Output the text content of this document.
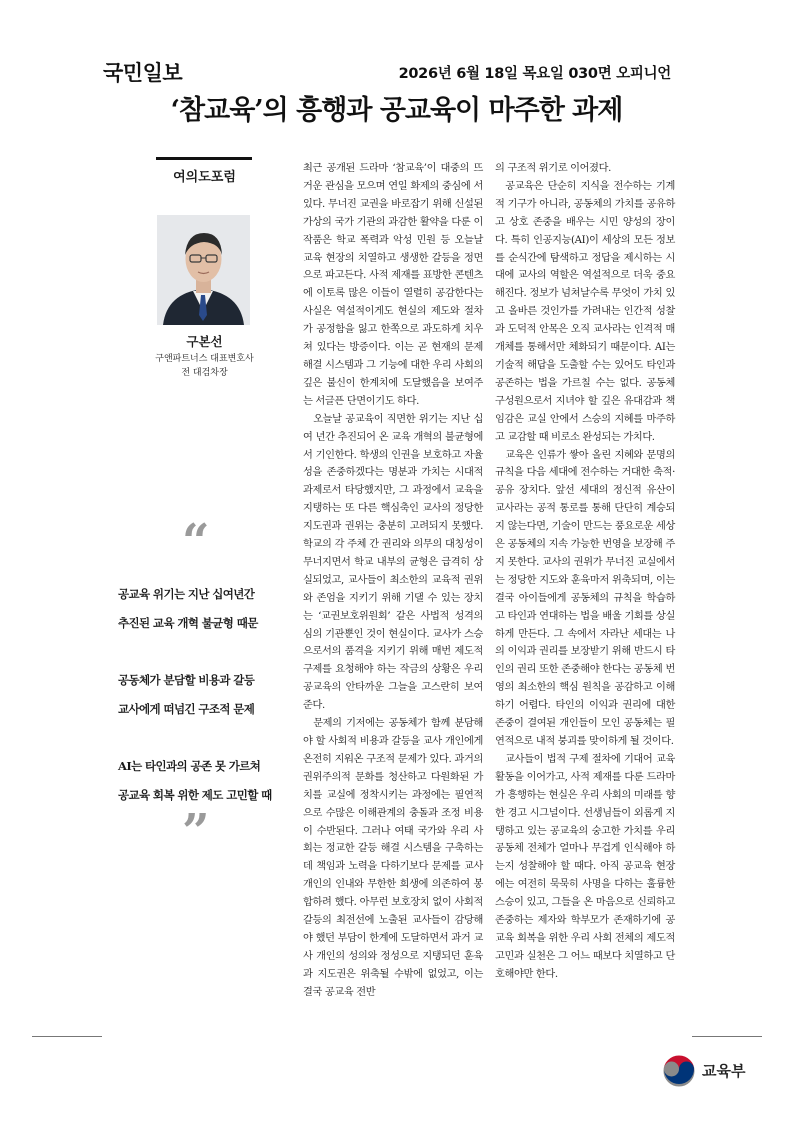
국민일보	2026년 6월 18일 목요일 030면 오피니언
‘참교육’의 흥행과 공교육이 마주한 과제
여의도포럼
구본선
구앤파트너스 대표변호사
전 대검차장
“
공교육 위기는 지난 십여년간
추진된 교육 개혁 불균형 때문
공동체가 분담할 비용과 갈등
교사에게 떠넘긴 구조적 문제
AI는 타인과의 공존 못 가르쳐
공교육 회복 위한 제도 고민할 때
”

최근 공개된 드라마 ‘참교육’이 대중의 뜨거운 관심을 모으며 연일 화제의 중심에 서 있다. 무너진 교권을 바로잡기 위해 신설된 가상의 국가 기관의 과감한 활약을 다룬 이 작품은 학교 폭력과 악성 민원 등 오늘날 교육 현장의 치열하고 생생한 갈등을 정면으로 파고든다. 사적 제재를 표방한 콘텐츠에 이토록 많은 이들이 열렬히 공감한다는 사실은 역설적이게도 현실의 제도와 절차가 공정함을 잃고 한쪽으로 과도하게 치우쳐 있다는 방증이다. 이는 곧 현재의 문제 해결 시스템과 그 기능에 대한 우리 사회의 깊은 불신이 한계치에 도달했음을 보여주는 서글픈 단면이기도 하다.

오늘날 공교육이 직면한 위기는 지난 십여 년간 추진되어 온 교육 개혁의 불균형에서 기인한다. 학생의 인권을 보호하고 자율성을 존중하겠다는 명분과 가치는 시대적 과제로서 타당했지만, 그 과정에서 교육을 지탱하는 또 다른 핵심축인 교사의 정당한 지도권과 권위는 충분히 고려되지 못했다. 학교의 각 주체 간 권리와 의무의 대칭성이 무너지면서 학교 내부의 균형은 급격히 상실되었고, 교사들이 최소한의 교육적 권위와 존엄을 지키기 위해 기댈 수 있는 장치는 ‘교권보호위원회’ 같은 사법적 성격의 심의 기관뿐인 것이 현실이다. 교사가 스승으로서의 품격을 지키기 위해 매번 제도적 구제를 요청해야 하는 작금의 상황은 우리 공교육의 안타까운 그늘을 고스란히 보여준다.

문제의 기저에는 공동체가 함께 분담해야 할 사회적 비용과 갈등을 교사 개인에게 온전히 지워온 구조적 문제가 있다. 과거의 권위주의적 문화를 청산하고 다원화된 가치를 교실에 정착시키는 과정에는 필연적으로 수많은 이해관계의 충돌과 조정 비용이 수반된다. 그러나 여태 국가와 우리 사회는 정교한 갈등 해결 시스템을 구축하는 데 책임과 노력을 다하기보다 문제를 교사 개인의 인내와 무한한 희생에 의존하여 봉합하려 했다. 아무런 보호장치 없이 사회적 갈등의 최전선에 노출된 교사들이 감당해야 했던 부담이 한계에 도달하면서 과거 교사 개인의 성의와 정성으로 지탱되던 훈육과 지도권은 위축될 수밖에 없었고, 이는 결국 공교육 전반

의 구조적 위기로 이어졌다.

공교육은 단순히 지식을 전수하는 기계적 기구가 아니라, 공동체의 가치를 공유하고 상호 존중을 배우는 시민 양성의 장이다. 특히 인공지능(AI)이 세상의 모든 정보를 순식간에 탐색하고 정답을 제시하는 시대에 교사의 역할은 역설적으로 더욱 중요해진다. 정보가 넘쳐날수록 무엇이 가치 있고 올바른 것인가를 가려내는 인간적 성찰과 도덕적 안목은 오직 교사라는 인격적 매개체를 통해서만 체화되기 때문이다. AI는 기술적 해답을 도출할 수는 있어도 타인과 공존하는 법을 가르칠 수는 없다. 공동체 구성원으로서 지녀야 할 깊은 유대감과 책임감은 교실 안에서 스승의 지혜를 마주하고 교감할 때 비로소 완성되는 가치다.

교육은 인류가 쌓아 올린 지혜와 문명의 규칙을 다음 세대에 전수하는 거대한 축적·공유 장치다. 앞선 세대의 정신적 유산이 교사라는 공적 통로를 통해 단단히 계승되지 않는다면, 기술이 만드는 풍요로운 세상은 공동체의 지속 가능한 번영을 보장해 주지 못한다. 교사의 권위가 무너진 교실에서는 정당한 지도와 훈육마저 위축되며, 이는 결국 아이들에게 공동체의 규칙을 학습하고 타인과 연대하는 법을 배울 기회를 상실하게 만든다. 그 속에서 자라난 세대는 나의 이익과 권리를 보장받기 위해 반드시 타인의 권리 또한 존중해야 한다는 공동체 번영의 최소한의 핵심 원칙을 공감하고 이해하기 어렵다. 타인의 이익과 권리에 대한 존중이 결여된 개인들이 모인 공동체는 필연적으로 내적 붕괴를 맞이하게 될 것이다.

교사들이 법적 구제 절차에 기대어 교육 활동을 이어가고, 사적 제재를 다룬 드라마가 흥행하는 현실은 우리 사회의 미래를 향한 경고 시그널이다. 선생님들이 외롭게 지탱하고 있는 공교육의 숭고한 가치를 우리 공동체 전체가 얼마나 무겁게 인식해야 하는지 성찰해야 할 때다. 아직 공교육 현장에는 여전히 묵묵히 사명을 다하는 훌륭한 스승이 있고, 그들을 온 마음으로 신뢰하고 존중하는 제자와 학부모가 존재하기에 공교육 회복을 위한 우리 사회 전체의 제도적 고민과 실천은 그 어느 때보다 치열하고 단호해야만 한다.

교육부
